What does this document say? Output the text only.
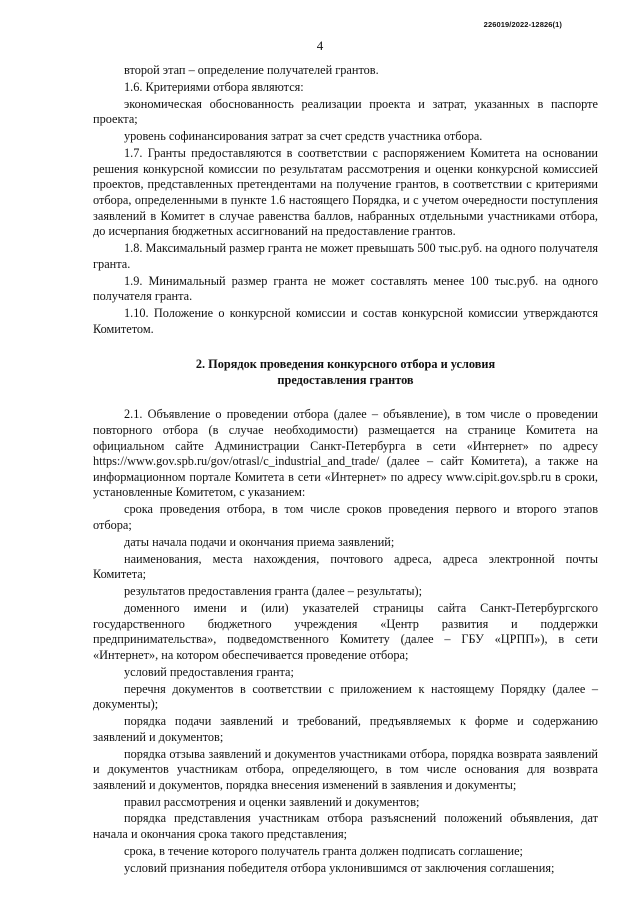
226019/2022-12826(1)
4

второй этап – определение получателей грантов.

1.6. Критериями отбора являются:

экономическая обоснованность реализации проекта и затрат, указанных в паспорте проекта;

уровень софинансирования затрат за счет средств участника отбора.

1.7. Гранты предоставляются в соответствии с распоряжением Комитета на основании решения конкурсной комиссии по результатам рассмотрения и оценки конкурсной комиссией проектов, представленных претендентами на получение грантов, в соответствии с критериями отбора, определенными в пункте 1.6 настоящего Порядка, и с учетом очередности поступления заявлений в Комитет в случае равенства баллов, набранных отдельными участниками отбора, до исчерпания бюджетных ассигнований на предоставление грантов.

1.8. Максимальный размер гранта не может превышать 500 тыс.руб. на одного получателя гранта.

1.9. Минимальный размер гранта не может составлять менее 100 тыс.руб. на одного получателя гранта.

1.10. Положение о конкурсной комиссии и состав конкурсной комиссии утверждаются Комитетом.

2. Порядок проведения конкурсного отбора и условия
предоставления грантов

2.1. Объявление о проведении отбора (далее – объявление), в том числе о проведении повторного отбора (в случае необходимости) размещается на странице Комитета на официальном сайте Администрации Санкт-Петербурга в сети «Интернет» по адресу https://www.gov.spb.ru/gov/otrasl/c_industrial_and_trade/ (далее – сайт Комитета), а также на информационном портале Комитета в сети «Интернет» по адресу www.cipit.gov.spb.ru в сроки, установленные Комитетом, с указанием:

срока проведения отбора, в том числе сроков проведения первого и второго этапов отбора;

даты начала подачи и окончания приема заявлений;

наименования, места нахождения, почтового адреса, адреса электронной почты Комитета;

результатов предоставления гранта (далее – результаты);

доменного имени и (или) указателей страницы сайта Санкт-Петербургского государственного бюджетного учреждения «Центр развития и поддержки предпринимательства», подведомственного Комитету (далее – ГБУ «ЦРПП»), в сети «Интернет», на котором обеспечивается проведение отбора;

условий предоставления гранта;

перечня документов в соответствии с приложением к настоящему Порядку (далее – документы);

порядка подачи заявлений и требований, предъявляемых к форме и содержанию заявлений и документов;

порядка отзыва заявлений и документов участниками отбора, порядка возврата заявлений и документов участникам отбора, определяющего, в том числе основания для возврата заявлений и документов, порядка внесения изменений в заявления и документы;

правил рассмотрения и оценки заявлений и документов;

порядка представления участникам отбора разъяснений положений объявления, дат начала и окончания срока такого представления;

срока, в течение которого получатель гранта должен подписать соглашение;

условий признания победителя отбора уклонившимся от заключения соглашения;
